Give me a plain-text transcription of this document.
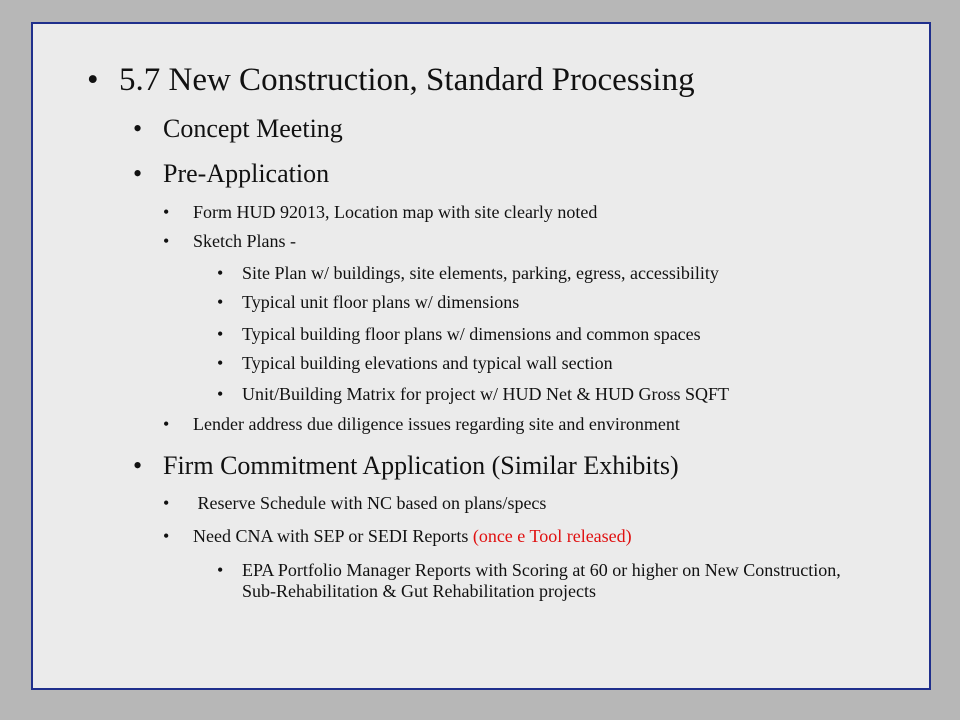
• 5.7 New Construction, Standard Processing
• Concept Meeting
• Pre-Application
• Form HUD 92013, Location map with site clearly noted
• Sketch Plans -
• Site Plan w/ buildings, site elements, parking, egress, accessibility
• Typical unit floor plans w/ dimensions
• Typical building floor plans w/ dimensions and common spaces
• Typical building elevations and typical wall section
• Unit/Building Matrix for project w/ HUD Net & HUD Gross SQFT
• Lender address due diligence issues regarding site and environment
• Firm Commitment Application (Similar Exhibits)
• Reserve Schedule with NC based on plans/specs
• Need CNA with SEP or SEDI Reports (once e Tool released)
• EPA Portfolio Manager Reports with Scoring at 60 or higher on New Construction, Sub-Rehabilitation & Gut Rehabilitation projects
